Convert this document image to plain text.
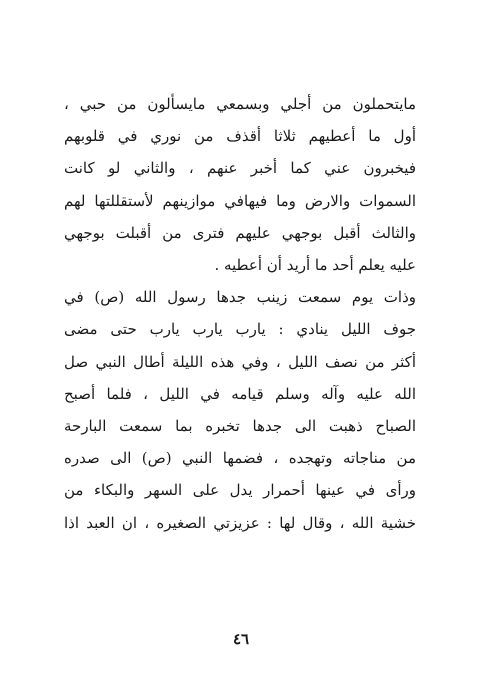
مايتحملون من أجلي وبسمعي مايسألون من حبي ،
أول ما أعطيهم ثلاثا أقذف من نوري في قلوبهم
فيخبرون عني كما أخبر عنهم ، والثاني لو كانت
السموات والارض وما فيهافي موازينهم لأستقللتها لهم
والثالث أقبل بوجهي عليهم فترى من أقبلت بوجهي
عليه يعلم أحد ما أريد أن أعطيه .
وذات يوم سمعت زينب جدها رسول الله (ص) في
جوف الليل ينادي : يارب يارب يارب حتى مضى
أكثر من نصف الليل ، وفي هذه الليلة أطال النبي صل
الله عليه وآله وسلم قيامه في الليل ، فلما أصبح
الصباح ذهبت الى جدها تخبره بما سمعت البارحة
من مناجاته وتهجده ، فضمها النبي (ص) الى صدره
ورأى في عينها أحمرار يدل على السهر والبكاء من
خشية الله ، وقال لها : عزيزتي الصغيره ، ان العبد اذا
٤٦
